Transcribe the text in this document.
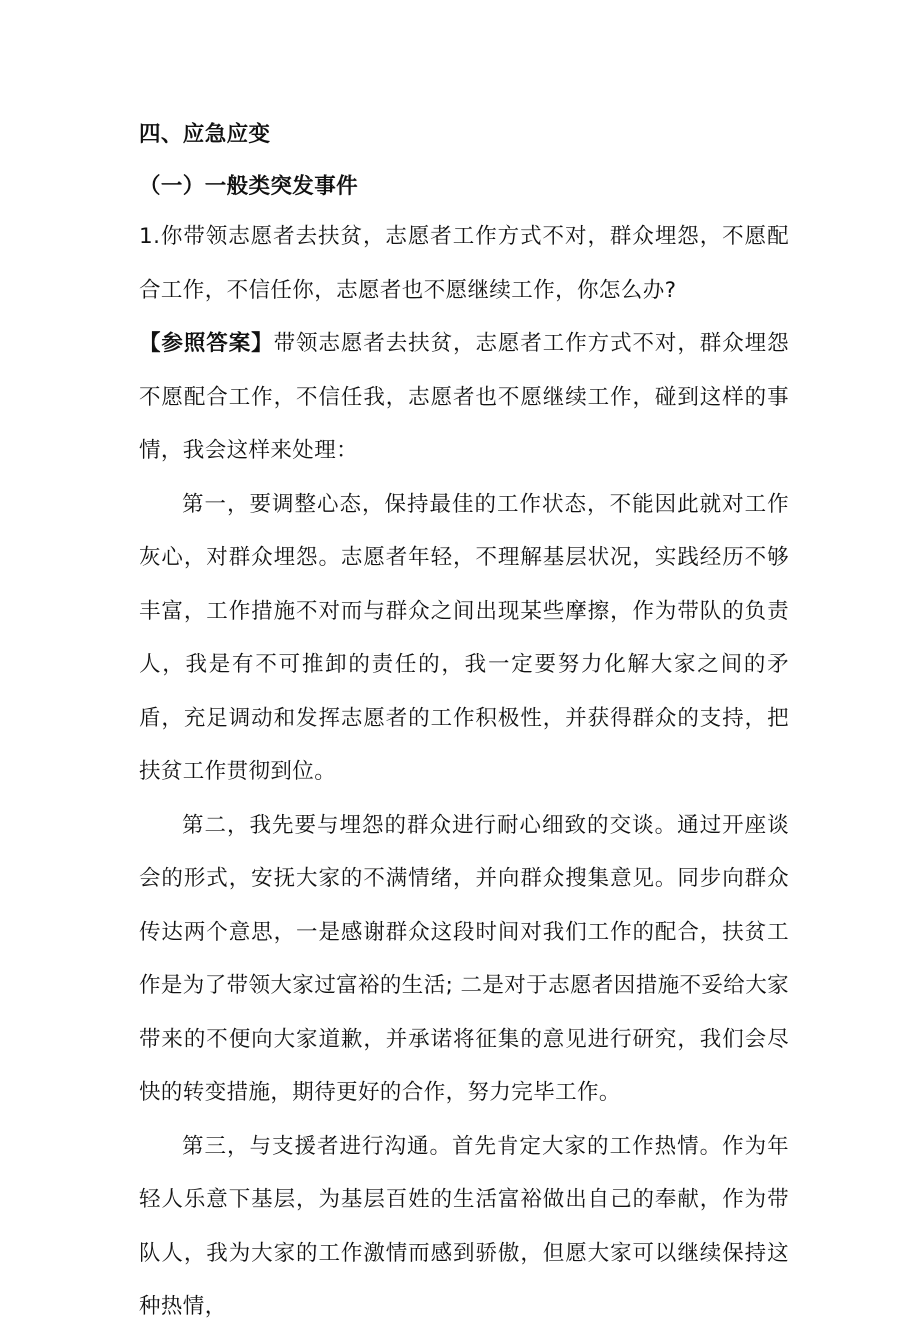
四、应急应变
（一）一般类突发事件

1.你带领志愿者去扶贫，志愿者工作方式不对，群众埋怨，不愿配合工作，不信任你，志愿者也不愿继续工作，你怎么办?

【参照答案】带领志愿者去扶贫，志愿者工作方式不对，群众埋怨不愿配合工作，不信任我，志愿者也不愿继续工作，碰到这样的事情，我会这样来处理：

第一，要调整心态，保持最佳的工作状态，不能因此就对工作灰心，对群众埋怨。志愿者年轻，不理解基层状况，实践经历不够丰富，工作措施不对而与群众之间出现某些摩擦，作为带队的负责人，我是有不可推卸的责任的，我一定要努力化解大家之间的矛盾，充足调动和发挥志愿者的工作积极性，并获得群众的支持，把扶贫工作贯彻到位。

第二，我先要与埋怨的群众进行耐心细致的交谈。通过开座谈会的形式，安抚大家的不满情绪，并向群众搜集意见。同步向群众传达两个意思，一是感谢群众这段时间对我们工作的配合，扶贫工作是为了带领大家过富裕的生活; 二是对于志愿者因措施不妥给大家带来的不便向大家道歉，并承诺将征集的意见进行研究，我们会尽快的转变措施，期待更好的合作，努力完毕工作。

第三，与支援者进行沟通。首先肯定大家的工作热情。作为年轻人乐意下基层，为基层百姓的生活富裕做出自己的奉献，作为带队人，我为大家的工作激情而感到骄傲，但愿大家可以继续保持这种热情，
